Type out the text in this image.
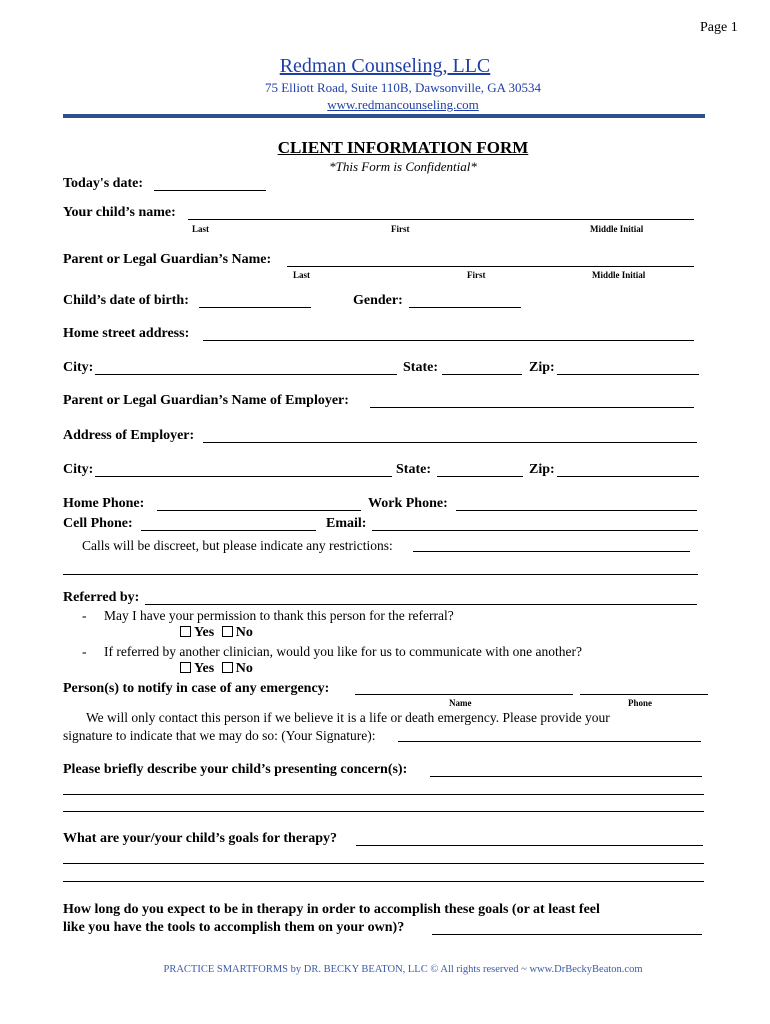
Page 1
Redman Counseling, LLC
75 Elliott Road, Suite 110B, Dawsonville, GA 30534
www.redmancounseling.com
CLIENT INFORMATION FORM
*This Form is Confidential*
Today's date:
Your child’s name:
Last	First	Middle Initial
Parent or Legal Guardian’s Name:
Last	First	Middle Initial
Child’s date of birth:	Gender:
Home street address:
City:	State:	Zip:
Parent or Legal Guardian’s Name of Employer:
Address of Employer:
City:	State:	Zip:
Home Phone:	Work Phone:
Cell Phone:	Email:
Calls will be discreet, but please indicate any restrictions:
Referred by:
- May I have your permission to thank this person for the referral?
Yes No
- If referred by another clinician, would you like for us to communicate with one another?
Yes No
Person(s) to notify in case of any emergency:
Name	Phone
We will only contact this person if we believe it is a life or death emergency. Please provide your
signature to indicate that we may do so: (Your Signature):
Please briefly describe your child’s presenting concern(s):
What are your/your child’s goals for therapy?
How long do you expect to be in therapy in order to accomplish these goals (or at least feel
like you have the tools to accomplish them on your own)?
PRACTICE SMARTFORMS by DR. BECKY BEATON, LLC © All rights reserved ~ www.DrBeckyBeaton.com
